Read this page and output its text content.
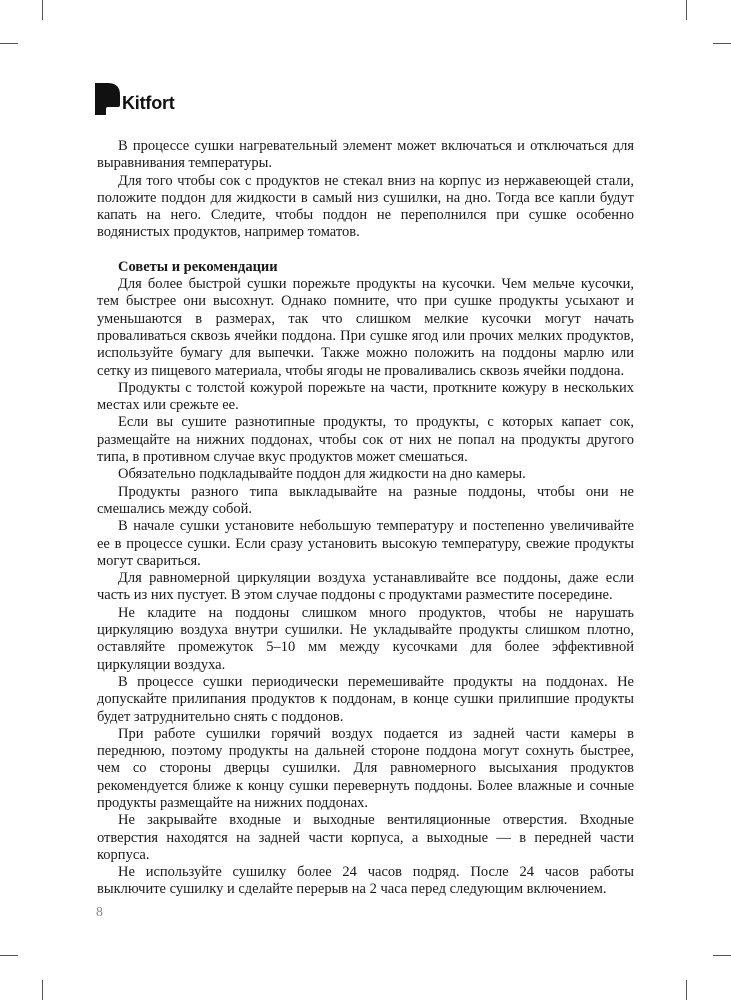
Kitfort

В процессе сушки нагревательный элемент может включаться и отключаться для выравнивания температуры.

Для того чтобы сок с продуктов не стекал вниз на корпус из нержавеющей стали, положите поддон для жидкости в самый низ сушилки, на дно. Тогда все капли будут капать на него. Следите, чтобы поддон не переполнился при сушке особенно водянистых продуктов, например томатов.

Советы и рекомендации

Для более быстрой сушки порежьте продукты на кусочки. Чем мельче кусочки, тем быстрее они высохнут. Однако помните, что при сушке продукты усыхают и уменьшаются в размерах, так что слишком мелкие кусочки могут начать проваливаться сквозь ячейки поддона. При сушке ягод или прочих мелких продуктов, используйте бумагу для выпечки. Также можно положить на поддоны марлю или сетку из пищевого материала, чтобы ягоды не проваливались сквозь ячейки поддона.

Продукты с толстой кожурой порежьте на части, проткните кожуру в нескольких местах или срежьте ее.

Если вы сушите разнотипные продукты, то продукты, с которых капает сок, размещайте на нижних поддонах, чтобы сок от них не попал на продукты другого типа, в противном случае вкус продуктов может смешаться.

Обязательно подкладывайте поддон для жидкости на дно камеры.

Продукты разного типа выкладывайте на разные поддоны, чтобы они не смешались между собой.

В начале сушки установите небольшую температуру и постепенно увеличивайте ее в процессе сушки. Если сразу установить высокую температуру, свежие продукты могут свариться.

Для равномерной циркуляции воздуха устанавливайте все поддоны, даже если часть из них пустует. В этом случае поддоны с продуктами разместите посередине.

Не кладите на поддоны слишком много продуктов, чтобы не нарушать циркуляцию воздуха внутри сушилки. Не укладывайте продукты слишком плотно, оставляйте промежуток 5–10 мм между кусочками для более эффективной циркуляции воздуха.

В процессе сушки периодически перемешивайте продукты на поддонах. Не допускайте прилипания продуктов к поддонам, в конце сушки прилипшие продукты будет затруднительно снять с поддонов.

При работе сушилки горячий воздух подается из задней части камеры в переднюю, поэтому продукты на дальней стороне поддона могут сохнуть быстрее, чем со стороны дверцы сушилки. Для равномерного высыхания продуктов рекомендуется ближе к концу сушки перевернуть поддоны. Более влажные и сочные продукты размещайте на нижних поддонах.

Не закрывайте входные и выходные вентиляционные отверстия. Входные отверстия находятся на задней части корпуса, а выходные — в передней части корпуса.

Не используйте сушилку более 24 часов подряд. После 24 часов работы выключите сушилку и сделайте перерыв на 2 часа перед следующим включением.

8
